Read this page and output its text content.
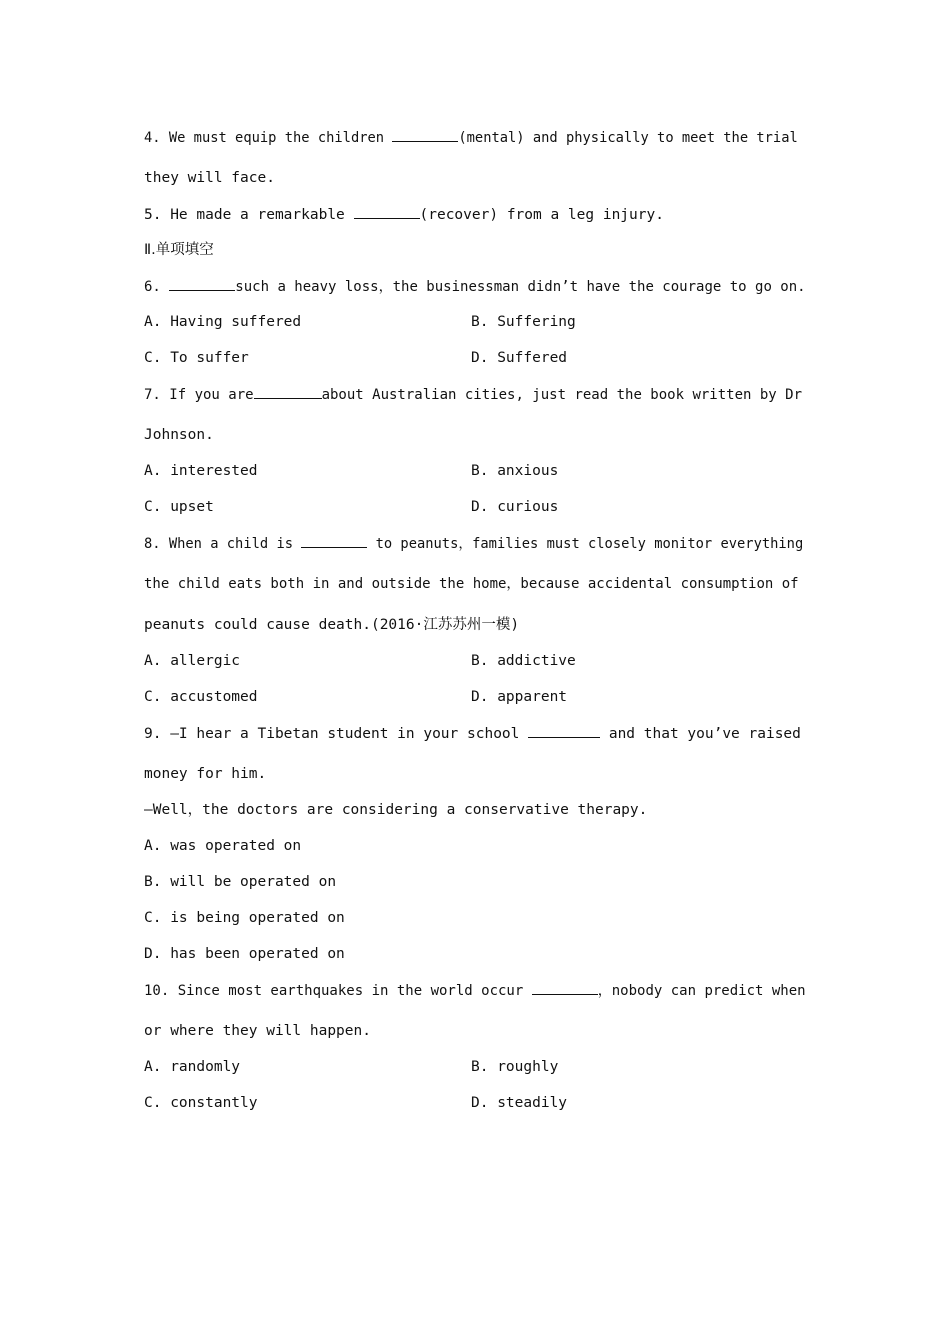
4. We must equip the children	(mental) and physically to meet the trial
they will face.
5. He made a remarkable	(recover) from a leg injury.
Ⅱ.单项填空
6.	such a heavy loss，the businessman didn’t have the courage to go on.
A. Having suffered	B. Suffering
C. To suffer	D. Suffered
7. If you are	about Australian cities, just read the book written by Dr
Johnson.
A. interested	B. anxious
C. upset	D. curious
8. When a child is	to peanuts，families must closely monitor everything
the child eats both in and outside the home，because accidental consumption of
peanuts could cause death.(2016·江苏苏州一模)
A. allergic	B. addictive
C. accustomed	D. apparent
9. —I hear a Tibetan student in your school	and that you’ve raised
money for him.
—Well，the doctors are considering a conservative therapy.
A. was operated on
B. will be operated on
C. is being operated on
D. has been operated on
10. Since most earthquakes in the world occur	，nobody can predict when
or where they will happen.
A. randomly	B. roughly
C. constantly	D. steadily
